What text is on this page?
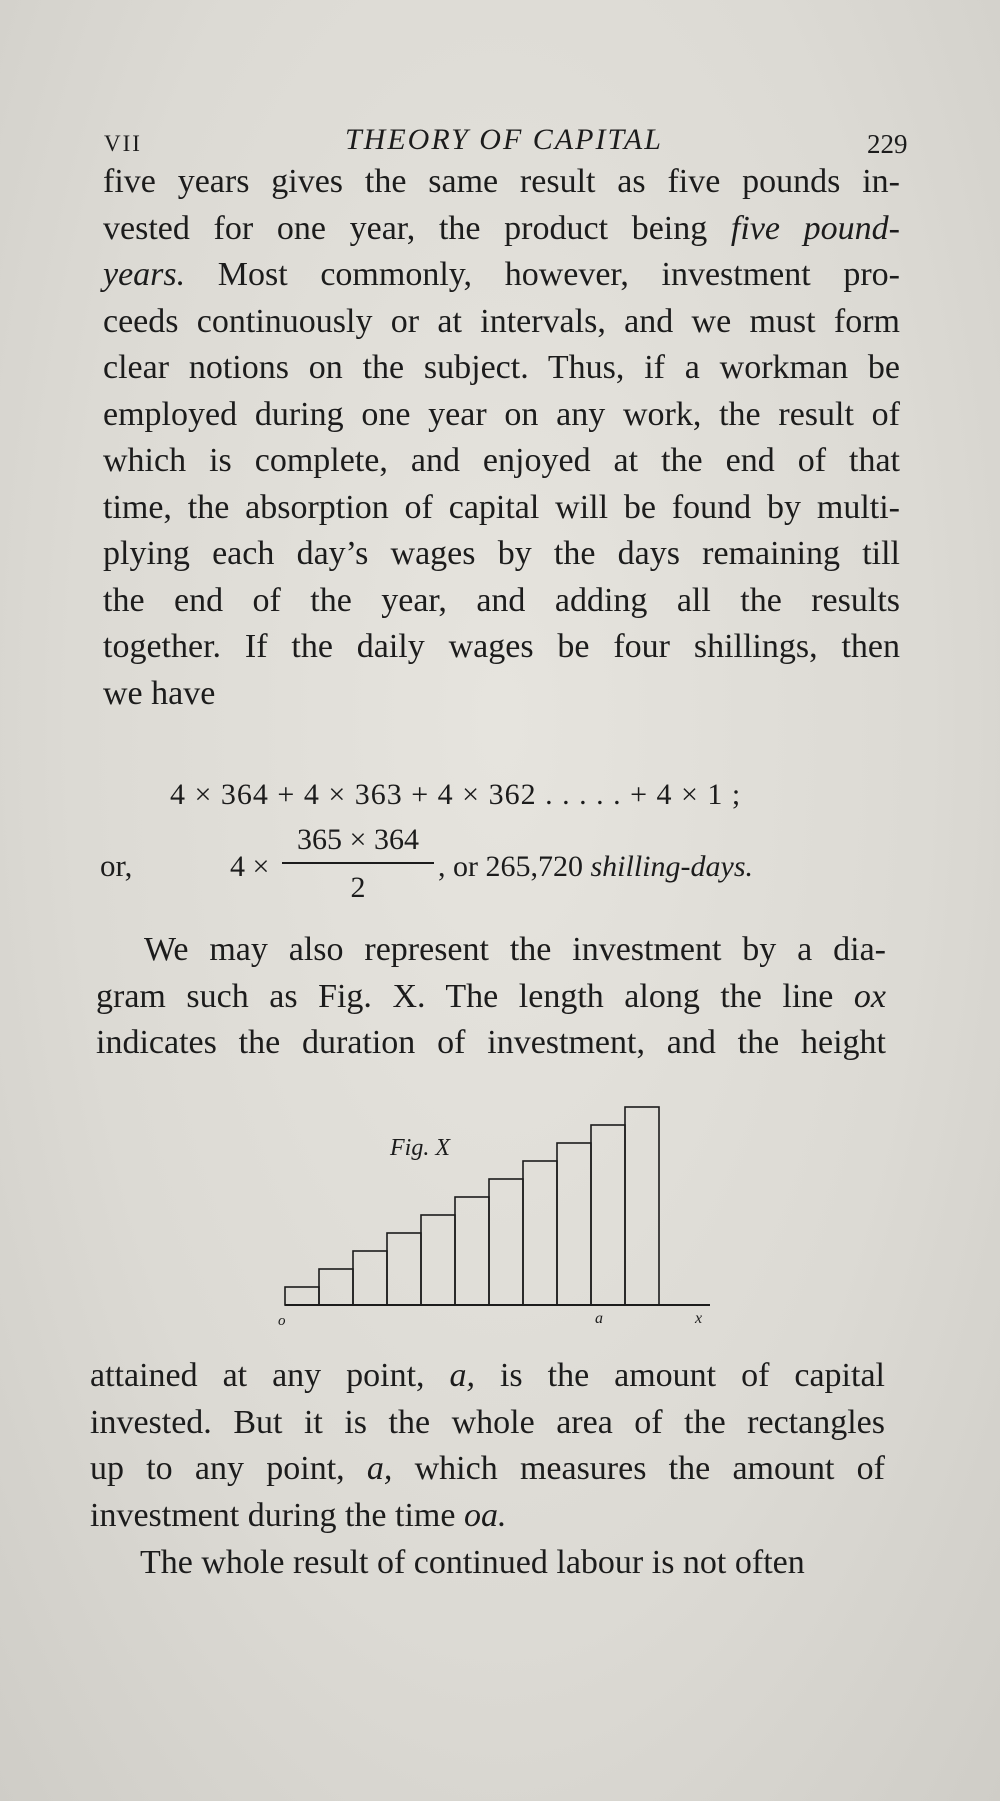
VII	THEORY OF CAPITAL	229
five years gives the same result as five pounds in-
vested for one year, the product being five pound-
years. Most commonly, however, investment pro-
ceeds continuously or at intervals, and we must form
clear notions on the subject. Thus, if a workman be
employed during one year on any work, the result of
which is complete, and enjoyed at the end of that
time, the absorption of capital will be found by multi-
plying each day’s wages by the days remaining till
the end of the year, and adding all the results
together. If the daily wages be four shillings, then
we have
4 × 364 + 4 × 363 + 4 × 362 . . . . . + 4 × 1 ;
or,	4 ×
365 × 364
2
, or 265,720 shilling-days.
We may also represent the investment by a dia-
gram such as Fig. X. The length along the line ox
indicates the duration of investment, and the height
Fig. X
o	a	x
attained at any point, a, is the amount of capital
invested. But it is the whole area of the rectangles
up to any point, a, which measures the amount of
investment during the time oa.
The whole result of continued labour is not often
